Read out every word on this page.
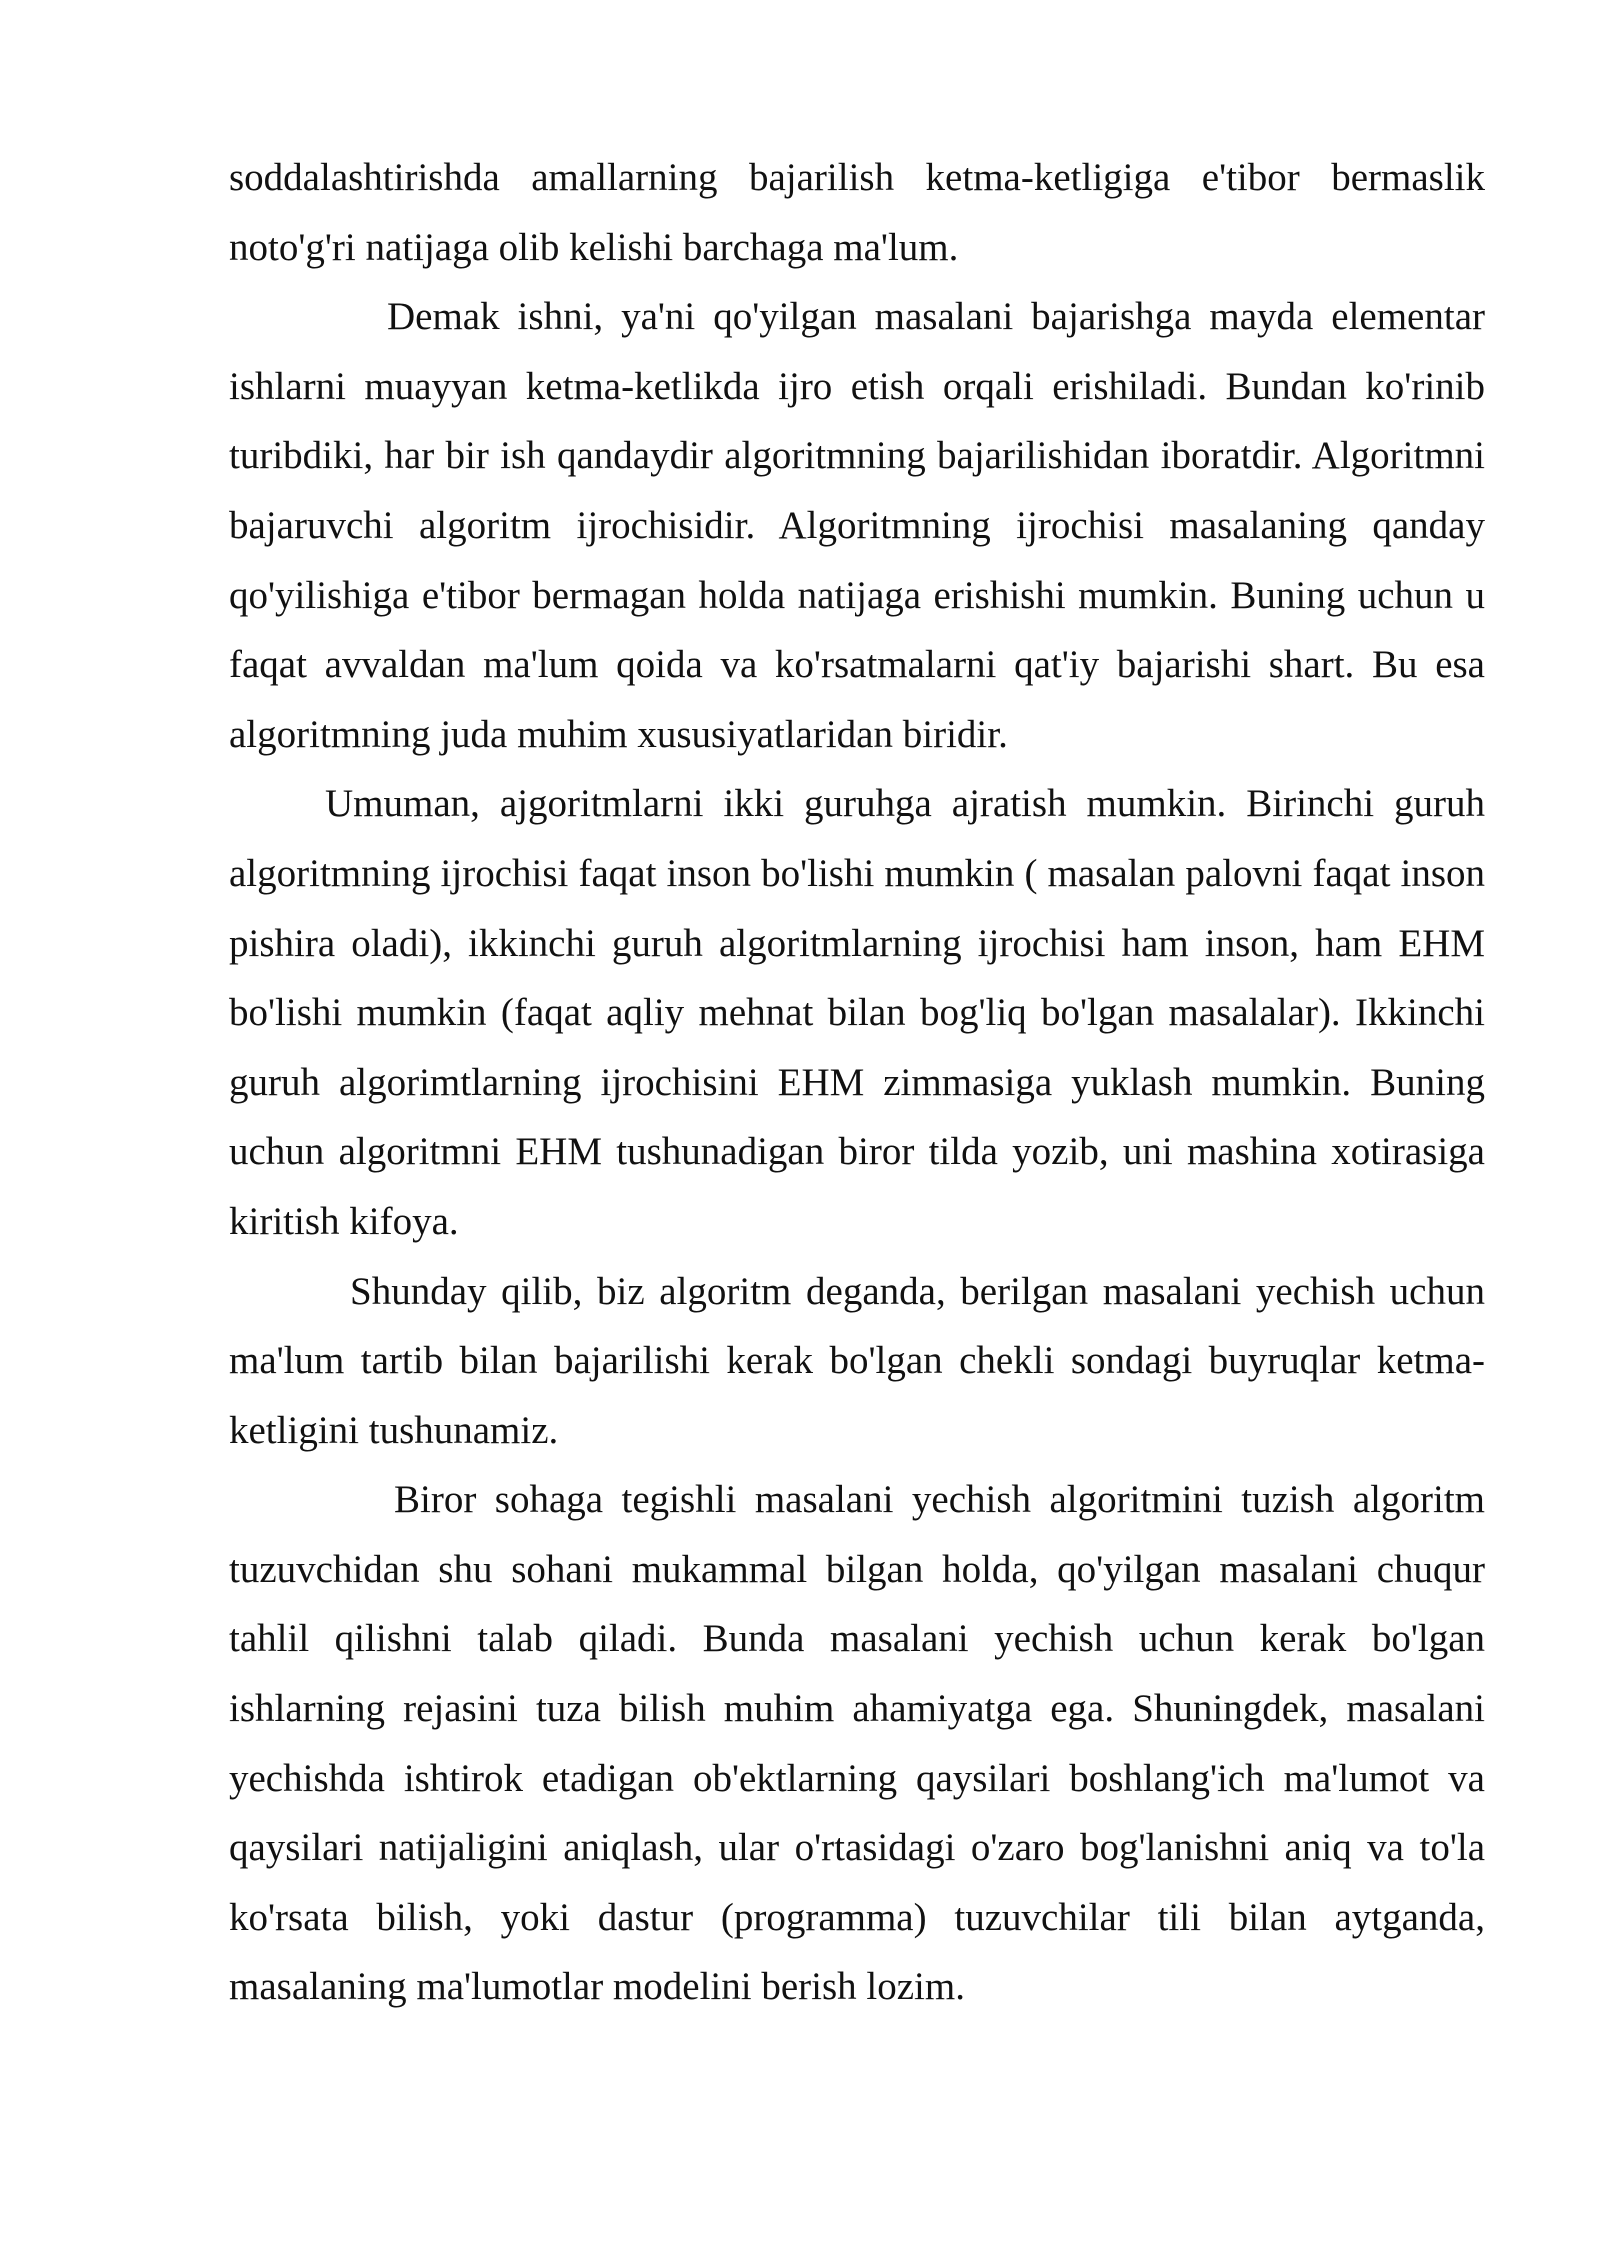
soddalashtirishda amallarning bajarilish ketma-ketligiga e'tibor bermaslik noto'g'ri natijaga olib kelishi barchaga ma'lum.

Demak ishni, ya'ni qo'yilgan masalani bajarishga mayda elementar ishlarni muayyan ketma-ketlikda ijro etish orqali erishiladi. Bundan ko'rinib turibdiki, har bir ish qandaydir algoritmning bajarilishidan iboratdir. Algoritmni bajaruvchi algoritm ijrochisidir. Algoritmning ijrochisi masalaning qanday qo'yilishiga e'tibor bermagan holda natijaga erishishi mumkin. Buning uchun u faqat avvaldan ma'lum qoida va ko'rsatmalarni qat'iy bajarishi shart. Bu esa algoritmning juda muhim xususiyatlaridan biridir.

Umuman, ajgoritmlarni ikki guruhga ajratish mumkin. Birinchi guruh algoritmning ijrochisi faqat inson bo'lishi mumkin ( masalan palovni faqat inson pishira oladi), ikkinchi guruh algoritmlarning ijrochisi ham inson, ham EHM bo'lishi mumkin (faqat aqliy mehnat bilan bog'liq bo'lgan masalalar). Ikkinchi guruh algorimtlarning ijrochisini EHM zimmasiga yuklash mumkin. Buning uchun algoritmni EHM tushunadigan biror tilda yozib, uni mashina xotirasiga kiritish kifoya.

Shunday qilib, biz algoritm deganda, berilgan masalani yechish uchun ma'lum tartib bilan bajarilishi kerak bo'lgan chekli sondagi buyruqlar ketma-ketligini tushunamiz.

Biror sohaga tegishli masalani yechish algoritmini tuzish algoritm tuzuvchidan shu sohani mukammal bilgan holda, qo'yilgan masalani chuqur tahlil qilishni talab qiladi. Bunda masalani yechish uchun kerak bo'lgan ishlarning rejasini tuza bilish muhim ahamiyatga ega. Shuningdek, masalani yechishda ishtirok etadigan ob'ektlarning qaysilari boshlang'ich ma'lumot va qaysilari natijaligini aniqlash, ular o'rtasidagi o'zaro bog'lanishni aniq va to'la ko'rsata bilish, yoki dastur (programma) tuzuvchilar tili bilan aytganda, masalaning ma'lumotlar modelini berish lozim.
